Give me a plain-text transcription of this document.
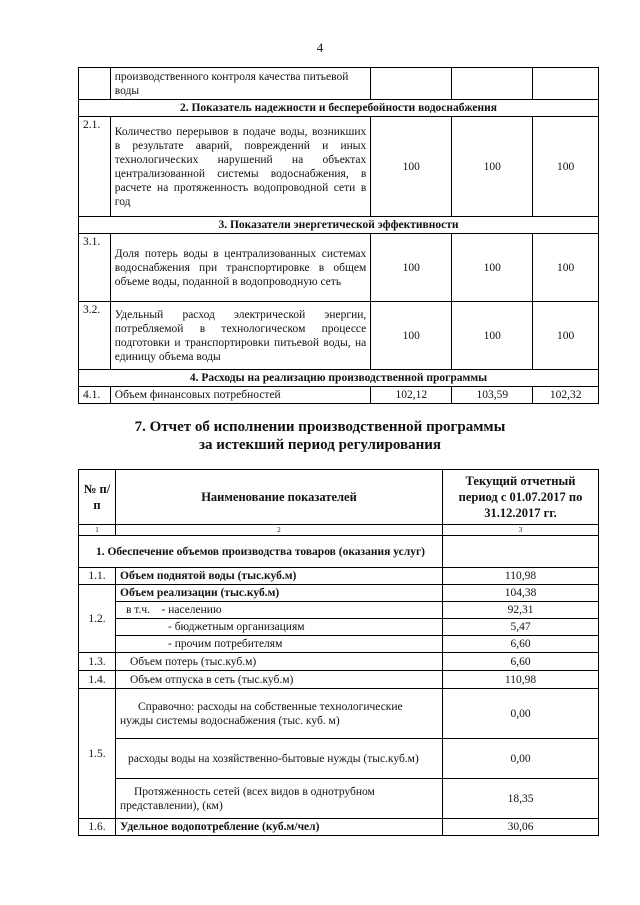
4
	производственного контроля качества питьевой воды			
2. Показатель надежности и бесперебойности водоснабжения				
2.1.	Количество перерывов в подаче воды, возникших в результате аварий, повреждений и иных технологических нарушений на объектах централизованной системы водоснабжения, в расчете на протяженность водопроводной сети в год	100	100	100
3. Показатели энергетической эффективности				
3.1.	Доля потерь воды в централизованных системах водоснабжения при транспортировке в общем объеме воды, поданной в водопроводную сеть	100	100	100
3.2.	Удельный расход электрической энергии, потребляемой в технологическом процессе подготовки и транспортировки питьевой воды, на единицу объема воды	100	100	100
4. Расходы на реализацию производственной программы				
4.1.	Объем финансовых потребностей	102,12	103,59	102,32
7. Отчет об исполнении производственной программы
за истекший период регулирования
№ п/п	Наименование показателей	Текущий отчетный период с 01.07.2017 по 31.12.2017 гг.
1	2	3
1. Обеспечение объемов производства товаров (оказания услуг)		
1.1.	Объем поднятой воды (тыс.куб.м)	110,98
1.2.	Объем реализации (тыс.куб.м)	104,38
	в т.ч. - населению	92,31
	- бюджетным организациям	5,47
	- прочим потребителям	6,60
1.3.	Объем потерь (тыс.куб.м)	6,60
1.4.	Объем отпуска в сеть (тыс.куб.м)	110,98
1.5.	Справочно: расходы на собственные технологические нужды системы водоснабжения (тыс. куб. м)	0,00
	расходы воды на хозяйственно-бытовые нужды (тыс.куб.м)	0,00
	Протяженность сетей (всех видов в однотрубном представлении), (км)	18,35
1.6.	Удельное водопотребление (куб.м/чел)	30,06
